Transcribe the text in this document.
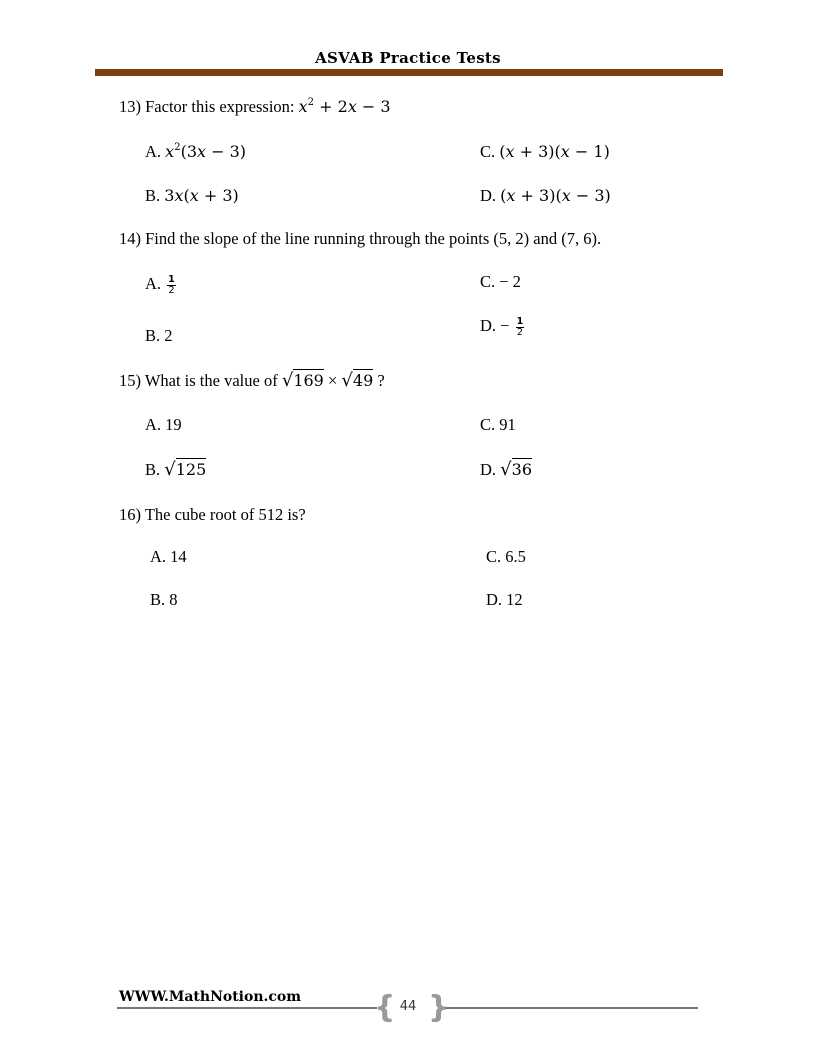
ASVAB Practice Tests
13) Factor this expression: $x^2 + 2x - 3$
A. $x^2(3x - 3)$	C. (x + 3)(x − 1)
B. 3x(x + 3)	D. (x + 3)(x − 3)
14) Find the slope of the line running through the points (5, 2) and (7, 6).
A. $\frac{1}{2}$	C. − 2
B. 2
D. − $\frac{1}{2}$
15) What is the value of √169 × √49 ?
A. 19	C. 91
B. √125	D. √36
16) The cube root of 512 is?
A. 14	C. 6.5
B. 8	D. 12
WWW.MathNotion.com { }
44
